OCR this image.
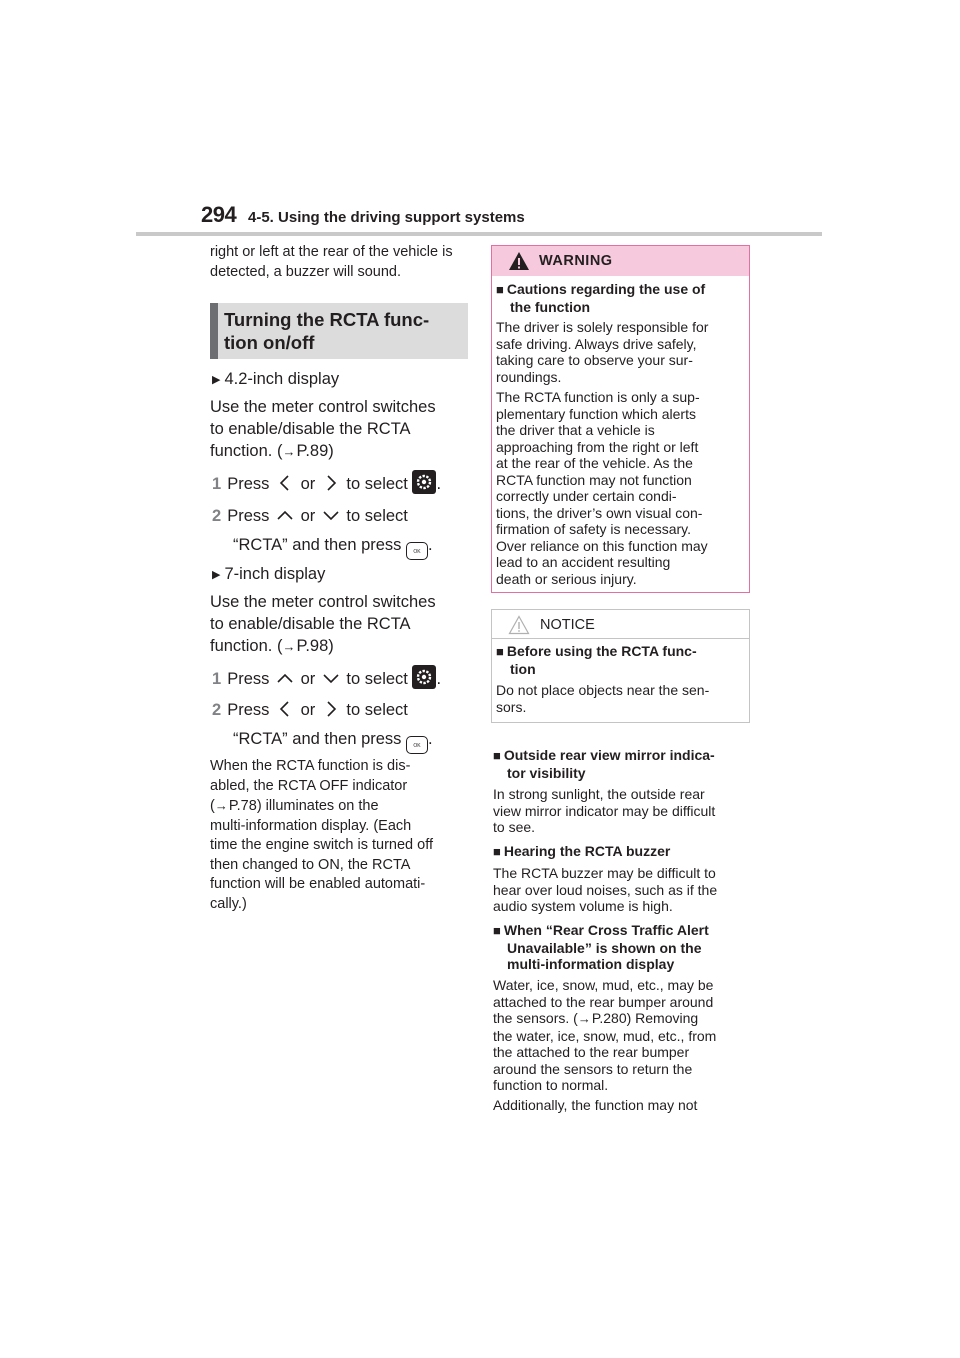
294 4-5. Using the driving support systems
right or left at the rear of the vehicle is detected, a buzzer will sound.
Turning the RCTA func-
tion on/off
▶ 4.2-inch display
Use the meter control switches
to enable/disable the RCTA
function. (→P.89)
1 Press or to select .
2 Press or to select
“RCTA” and then press OK .
▶ 7-inch display
Use the meter control switches
to enable/disable the RCTA
function. (→P.98)
1 Press or to select .
2 Press or to select
“RCTA” and then press OK .
When the RCTA function is dis-
abled, the RCTA OFF indicator
(→P.78) illuminates on the
multi-information display. (Each
time the engine switch is turned off
then changed to ON, the RCTA
function will be enabled automati-
cally.)
WARNING
■ Cautions regarding the use of
the function
The driver is solely responsible for
safe driving. Always drive safely,
taking care to observe your sur-
roundings.
The RCTA function is only a sup-
plementary function which alerts
the driver that a vehicle is
approaching from the right or left
at the rear of the vehicle. As the
RCTA function may not function
correctly under certain condi-
tions, the driver’s own visual con-
firmation of safety is necessary.
Over reliance on this function may
lead to an accident resulting
death or serious injury.
NOTICE
■ Before using the RCTA func-
tion
Do not place objects near the sen-
sors.
■ Outside rear view mirror indica-
tor visibility
In strong sunlight, the outside rear
view mirror indicator may be difficult
to see.
■ Hearing the RCTA buzzer
The RCTA buzzer may be difficult to
hear over loud noises, such as if the
audio system volume is high.
■ When “Rear Cross Traffic Alert
Unavailable” is shown on the
multi-information display
Water, ice, snow, mud, etc., may be
attached to the rear bumper around
the sensors. (→P.280) Removing
the water, ice, snow, mud, etc., from
the attached to the rear bumper
around the sensors to return the
function to normal.
Additionally, the function may not
